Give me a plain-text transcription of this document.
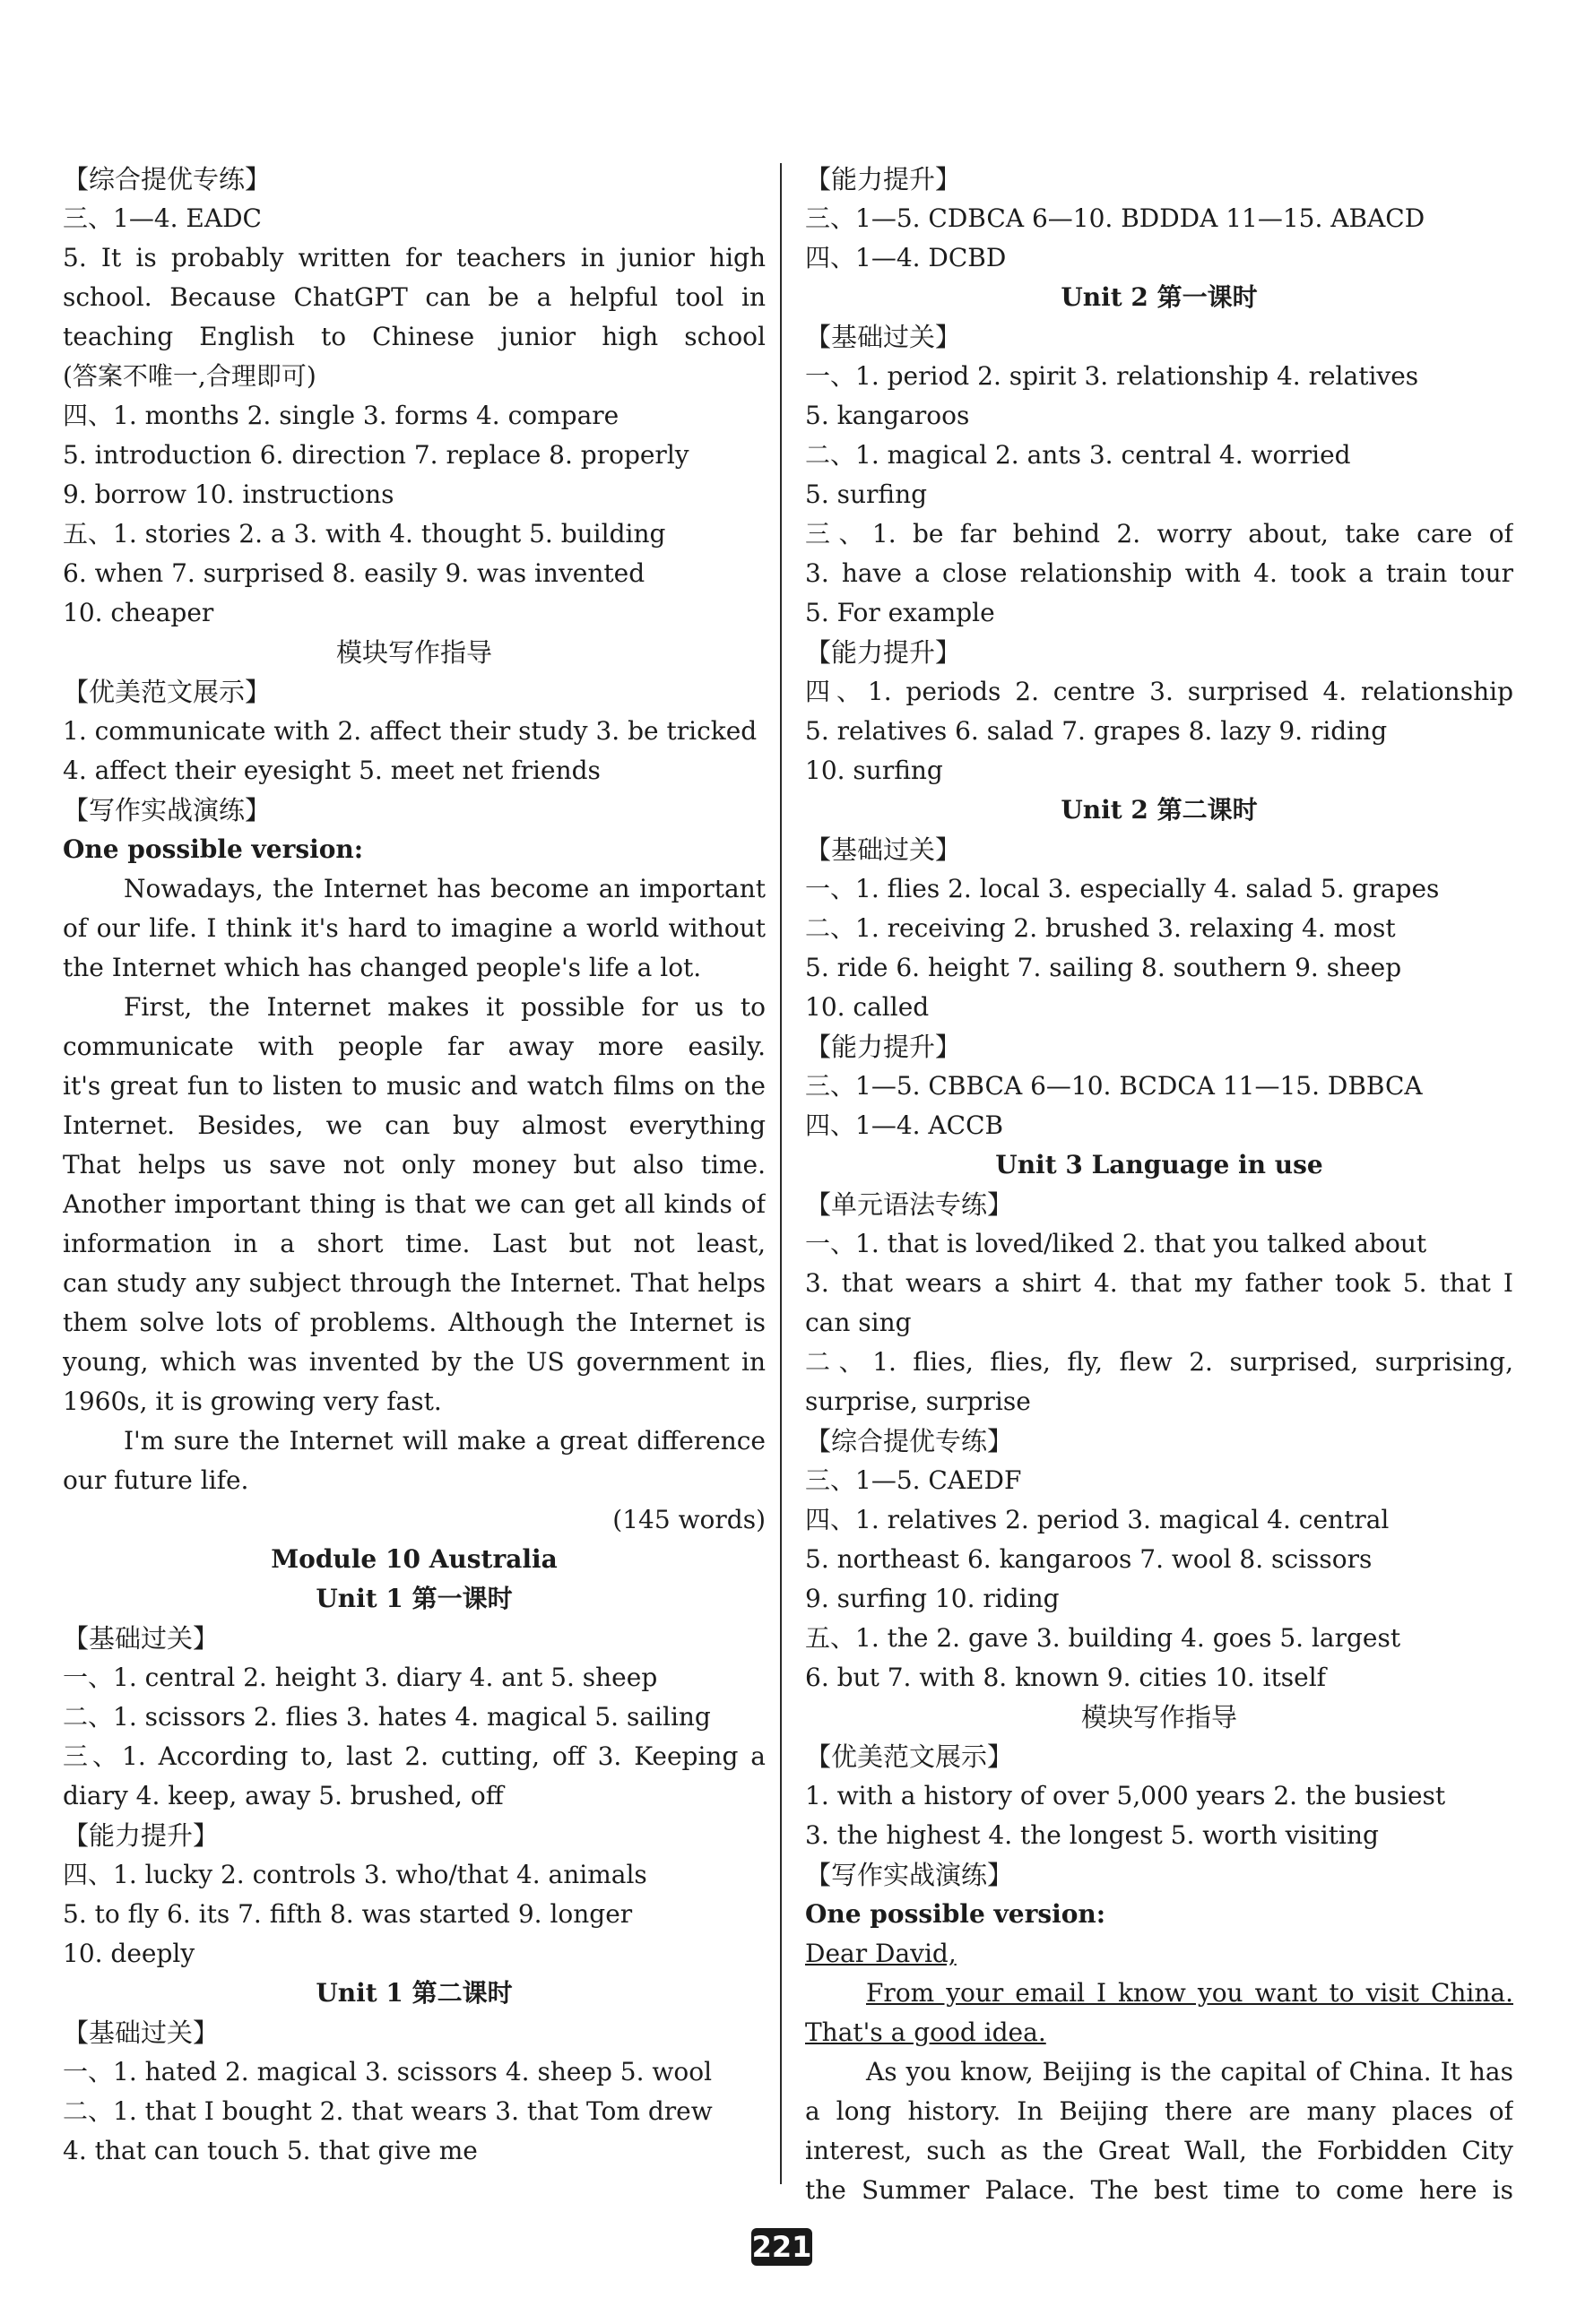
【综合提优专练】
三、1—4. EADC
5. It is probably written for teachers in junior high
school. Because ChatGPT can be a helpful tool in
teaching English to Chinese junior high school
(答案不唯一,合理即可)
四、1. months 2. single 3. forms 4. compare
5. introduction 6. direction 7. replace 8. properly
9. borrow 10. instructions
五、1. stories 2. a 3. with 4. thought 5. building
6. when 7. surprised 8. easily 9. was invented
10. cheaper
模块写作指导
【优美范文展示】
1. communicate with 2. affect their study 3. be tricked
4. affect their eyesight 5. meet net friends
【写作实战演练】
One possible version:
Nowadays, the Internet has become an important
of our life. I think it's hard to imagine a world without
the Internet which has changed people's life a lot.
First, the Internet makes it possible for us to
communicate with people far away more easily.
it's great fun to listen to music and watch films on the
Internet. Besides, we can buy almost everything
That helps us save not only money but also time.
Another important thing is that we can get all kinds of
information in a short time. Last but not least,
can study any subject through the Internet. That helps
them solve lots of problems. Although the Internet is
young, which was invented by the US government in
1960s, it is growing very fast.
I'm sure the Internet will make a great difference
our future life.
(145 words)
Module 10 Australia
Unit 1 第一课时
【基础过关】
一、1. central 2. height 3. diary 4. ant 5. sheep
二、1. scissors 2. flies 3. hates 4. magical 5. sailing
三、1. According to, last 2. cutting, off 3. Keeping a
diary 4. keep, away 5. brushed, off
【能力提升】
四、1. lucky 2. controls 3. who/that 4. animals
5. to fly 6. its 7. fifth 8. was started 9. longer
10. deeply
Unit 1 第二课时
【基础过关】
一、1. hated 2. magical 3. scissors 4. sheep 5. wool
二、1. that I bought 2. that wears 3. that Tom drew
4. that can touch 5. that give me
【能力提升】
三、1—5. CDBCA 6—10. BDDDA 11—15. ABACD
四、1—4. DCBD
Unit 2 第一课时
【基础过关】
一、1. period 2. spirit 3. relationship 4. relatives
5. kangaroos
二、1. magical 2. ants 3. central 4. worried
5. surfing
三、1. be far behind 2. worry about, take care of
3. have a close relationship with 4. took a train tour
5. For example
【能力提升】
四、1. periods 2. centre 3. surprised 4. relationship
5. relatives 6. salad 7. grapes 8. lazy 9. riding
10. surfing
Unit 2 第二课时
【基础过关】
一、1. flies 2. local 3. especially 4. salad 5. grapes
二、1. receiving 2. brushed 3. relaxing 4. most
5. ride 6. height 7. sailing 8. southern 9. sheep
10. called
【能力提升】
三、1—5. CBBCA 6—10. BCDCA 11—15. DBBCA
四、1—4. ACCB
Unit 3 Language in use
【单元语法专练】
一、1. that is loved/liked 2. that you talked about
3. that wears a shirt 4. that my father took 5. that I
can sing
二、1. flies, flies, fly, flew 2. surprised, surprising,
surprise, surprise
【综合提优专练】
三、1—5. CAEDF
四、1. relatives 2. period 3. magical 4. central
5. northeast 6. kangaroos 7. wool 8. scissors
9. surfing 10. riding
五、1. the 2. gave 3. building 4. goes 5. largest
6. but 7. with 8. known 9. cities 10. itself
模块写作指导
【优美范文展示】
1. with a history of over 5,000 years 2. the busiest
3. the highest 4. the longest 5. worth visiting
【写作实战演练】
One possible version:
Dear David,
From your email I know you want to visit China.
That's a good idea.
As you know, Beijing is the capital of China. It has
a long history. In Beijing there are many places of
interest, such as the Great Wall, the Forbidden City
the Summer Palace. The best time to come here is
221
